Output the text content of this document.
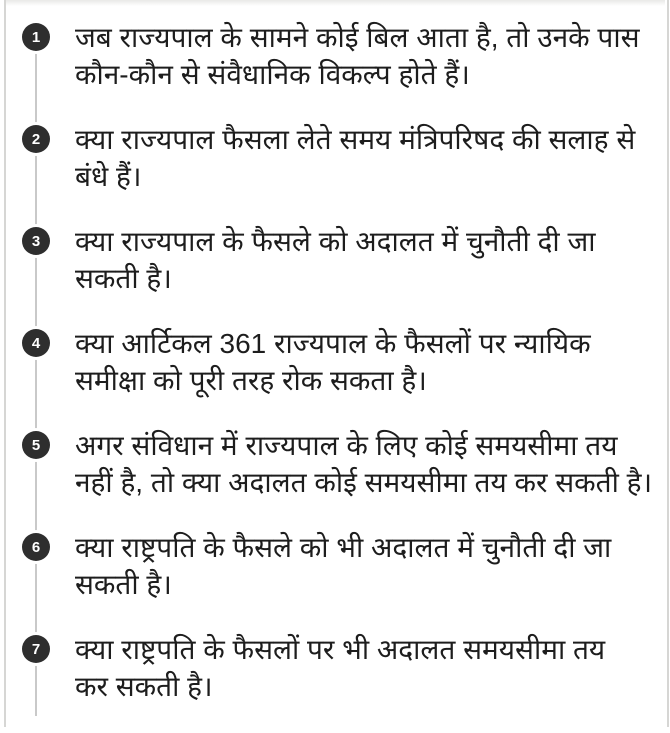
1 जब राज्यपाल के सामने कोई बिल आता है, तो उनके पास
कौन-कौन से संवैधानिक विकल्प होते हैं।
2 क्या राज्यपाल फैसला लेते समय मंत्रिपरिषद की सलाह से
बंधे हैं।
3 क्या राज्यपाल के फैसले को अदालत में चुनौती दी जा
सकती है।
4 क्या आर्टिकल 361 राज्यपाल के फैसलों पर न्यायिक
समीक्षा को पूरी तरह रोक सकता है।
5 अगर संविधान में राज्यपाल के लिए कोई समयसीमा तय
नहीं है, तो क्या अदालत कोई समयसीमा तय कर सकती है।
6 क्या राष्ट्रपति के फैसले को भी अदालत में चुनौती दी जा
सकती है।
7 क्या राष्ट्रपति के फैसलों पर भी अदालत समयसीमा तय
कर सकती है।
